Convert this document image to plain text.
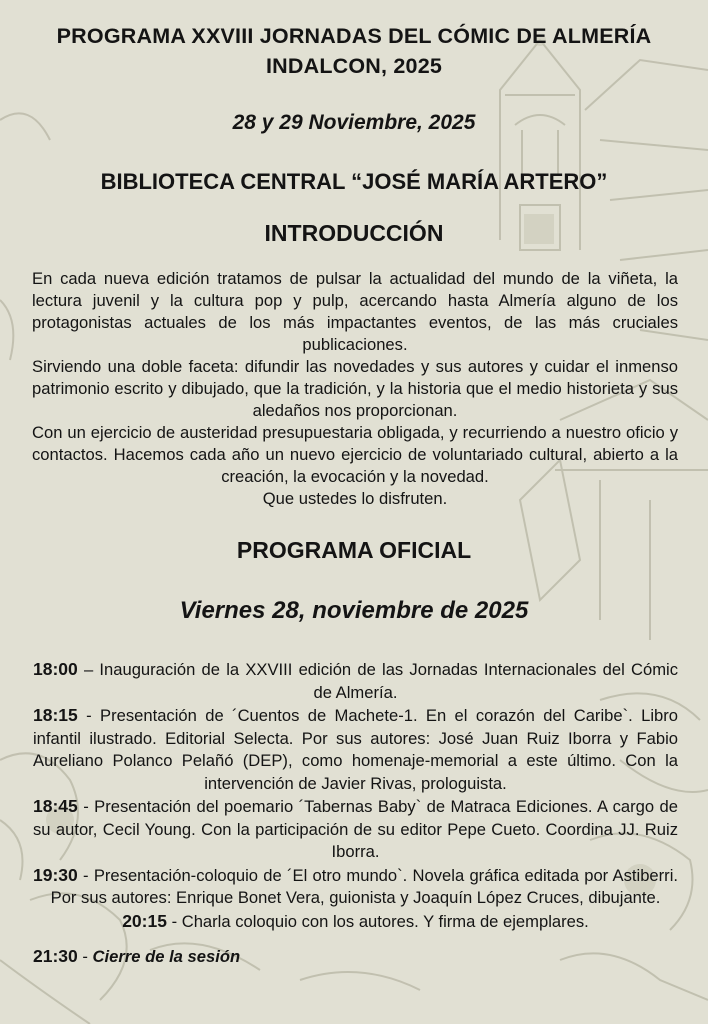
PROGRAMA XXVIII JORNADAS DEL CÓMIC DE ALMERÍA
INDALCON, 2025
28 y 29 Noviembre, 2025
BIBLIOTECA CENTRAL “JOSÉ MARÍA ARTERO”
INTRODUCCIÓN

En cada nueva edición tratamos de pulsar la actualidad del mundo de la viñeta, la lectura juvenil y la cultura pop y pulp, acercando hasta Almería alguno de los protagonistas actuales de los más impactantes eventos, de las más cruciales publicaciones.

Sirviendo una doble faceta: difundir las novedades y sus autores y cuidar el inmenso patrimonio escrito y dibujado, que la tradición, y la historia que el medio historieta y sus aledaños nos proporcionan.

Con un ejercicio de austeridad presupuestaria obligada, y recurriendo a nuestro oficio y contactos. Hacemos cada año un nuevo ejercicio de voluntariado cultural, abierto a la creación, la evocación y la novedad.

Que ustedes lo disfruten.

PROGRAMA OFICIAL
Viernes 28, noviembre de 2025

18:00 – Inauguración de la XXVIII edición de las Jornadas Internacionales del Cómic de Almería.

18:15 - Presentación de ´Cuentos de Machete-1. En el corazón del Caribe`. Libro infantil ilustrado. Editorial Selecta. Por sus autores: José Juan Ruiz Iborra y Fabio Aureliano Polanco Pelañó (DEP), como homenaje-memorial a este último. Con la intervención de Javier Rivas, prologuista.

18:45 - Presentación del poemario ´Tabernas Baby` de Matraca Ediciones. A cargo de su autor, Cecil Young. Con la participación de su editor Pepe Cueto. Coordina JJ. Ruiz Iborra.

19:30 - Presentación-coloquio de ´El otro mundo`. Novela gráfica editada por Astiberri. Por sus autores: Enrique Bonet Vera, guionista y Joaquín López Cruces, dibujante.

20:15 - Charla coloquio con los autores. Y firma de ejemplares.

21:30 - Cierre de la sesión
